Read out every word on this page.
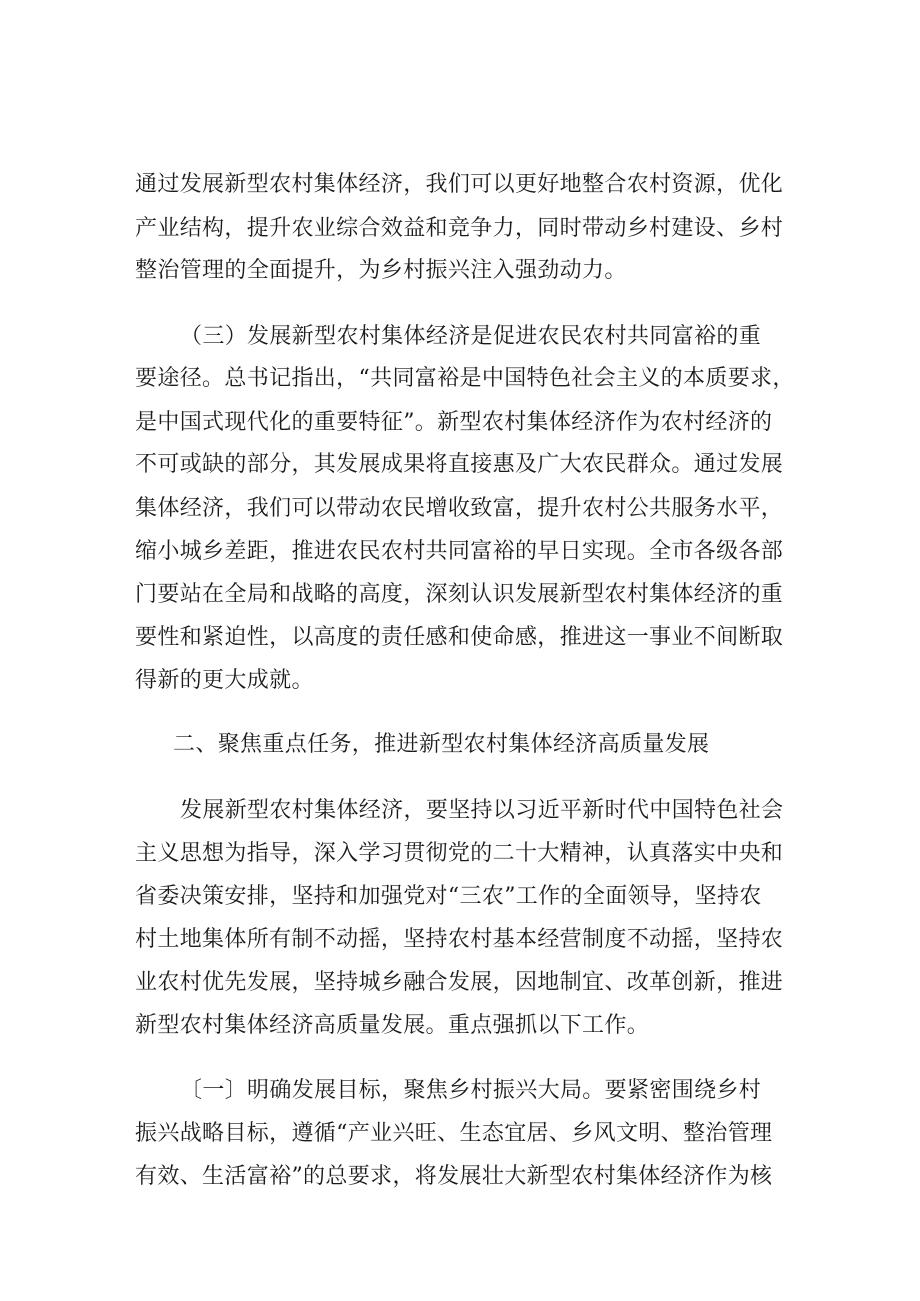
通过发展新型农村集体经济，我们可以更好地整合农村资源，优化

产业结构，提升农业综合效益和竞争力，同时带动乡村建设、乡村

整治管理的全面提升，为乡村振兴注入强劲动力。

（三）发展新型农村集体经济是促进农民农村共同富裕的重

要途径。总书记指出，“共同富裕是中国特色社会主义的本质要求，

是中国式现代化的重要特征”。新型农村集体经济作为农村经济的

不可或缺的部分，其发展成果将直接惠及广大农民群众。通过发展

集体经济，我们可以带动农民增收致富，提升农村公共服务水平，

缩小城乡差距，推进农民农村共同富裕的早日实现。全市各级各部

门要站在全局和战略的高度，深刻认识发展新型农村集体经济的重

要性和紧迫性，以高度的责任感和使命感，推进这一事业不间断取

得新的更大成就。

二、聚焦重点任务，推进新型农村集体经济高质量发展

发展新型农村集体经济，要坚持以习近平新时代中国特色社会

主义思想为指导，深入学习贯彻党的二十大精神，认真落实中央和

省委决策安排，坚持和加强党对“三农”工作的全面领导，坚持农

村土地集体所有制不动摇，坚持农村基本经营制度不动摇，坚持农

业农村优先发展，坚持城乡融合发展，因地制宜、改革创新，推进

新型农村集体经济高质量发展。重点强抓以下工作。

〔一〕明确发展目标，聚焦乡村振兴大局。要紧密围绕乡村

振兴战略目标，遵循“产业兴旺、生态宜居、乡风文明、整治管理

有效、生活富裕”的总要求，将发展壮大新型农村集体经济作为核
